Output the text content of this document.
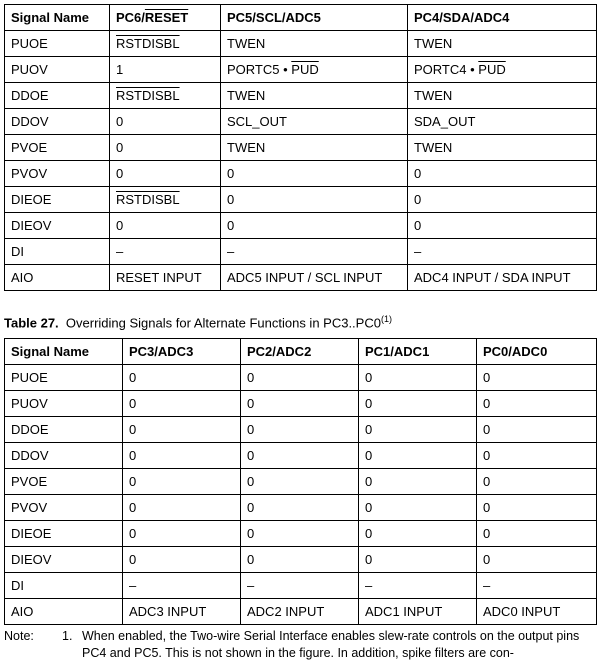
Signal Name	PC6/RESET	PC5/SCL/ADC5	PC4/SDA/ADC4
PUOE	RSTDISBL	TWEN	TWEN
PUOV	1	PORTC5 • $\overline{PUD}$	PORTC4 • $\overline{PUD}$
DDOE	RSTDISBL	TWEN	TWEN
DDOV	0	SCL_OUT	SDA_OUT
PVOE	0	TWEN	TWEN
PVOV	0	0	0
DIEOE	RSTDISBL	0	0
DIEOV	0	0	0
DI	–	–	–
AIO	RESET INPUT	ADC5 INPUT / SCL INPUT	ADC4 INPUT / SDA INPUT
Table 27. Overriding Signals for Alternate Functions in PC3..PC0$^{(1)}$
Signal Name	PC3/ADC3	PC2/ADC2	PC1/ADC1	PC0/ADC0
PUOE	0	0	0	0
PUOV	0	0	0	0
DDOE	0	0	0	0
DDOV	0	0	0	0
PVOE	0	0	0	0
PVOV	0	0	0	0
DIEOE	0	0	0	0
DIEOV	0	0	0	0
DI	–	–	–	–
AIO	ADC3 INPUT	ADC2 INPUT	ADC1 INPUT	ADC0 INPUT
Note: 1. When enabled, the Two-wire Serial Interface enables slew-rate controls on the output pins PC4 and PC5. This is not shown in the figure. In addition, spike filters are con-
